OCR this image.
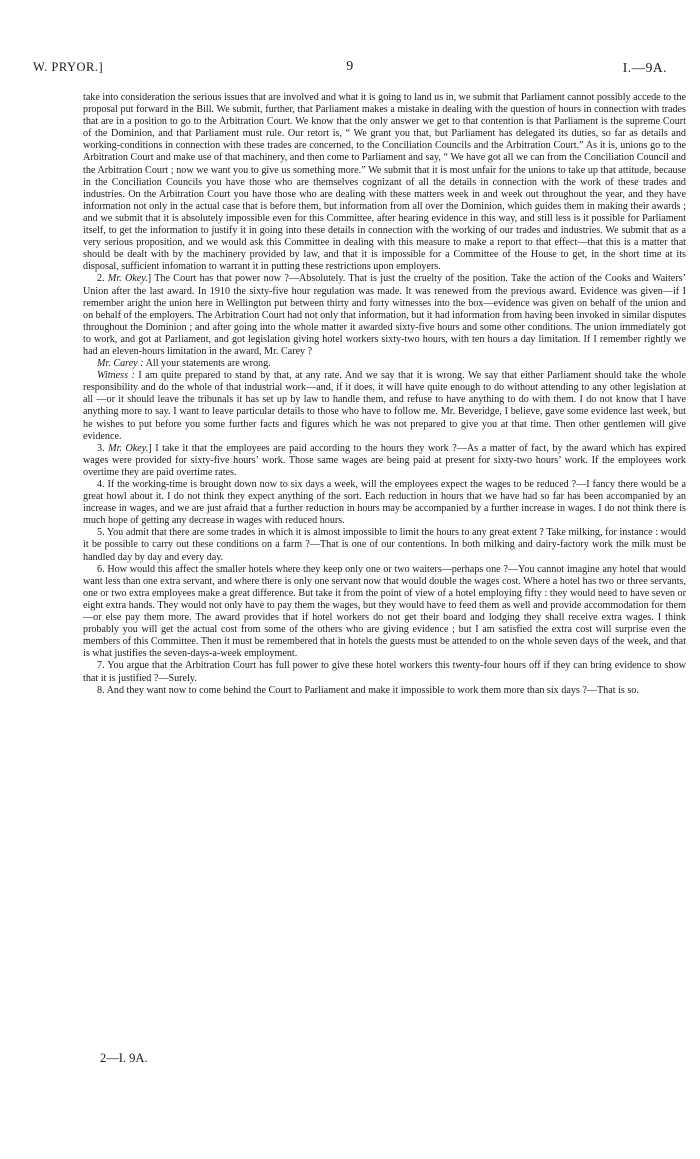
W. PRYOR.]	9	I.—9A.

take into consideration the serious issues that are involved and what it is going to land us in, we submit that Parliament cannot possibly accede to the proposal put forward in the Bill. We submit, further, that Parliament makes a mistake in dealing with the question of hours in connection with trades that are in a position to go to the Arbitration Court. We know that the only answer we get to that contention is that Parliament is the supreme Court of the Dominion, and that Parliament must rule. Our retort is, “ We grant you that, but Parliament has delegated its duties, so far as details and working-conditions in connection with these trades are concerned, to the Conciliation Councils and the Arbitration Court.” As it is, unions go to the Arbitration Court and make use of that machinery, and then come to Parliament and say, “ We have got all we can from the Conciliation Council and the Arbitration Court ; now we want you to give us something more.” We submit that it is most unfair for the unions to take up that attitude, because in the Conciliation Councils you have those who are themselves cognizant of all the details in connection with the work of these trades and industries. On the Arbitration Court you have those who are dealing with these matters week in and week out throughout the year, and they have information not only in the actual case that is before them, but information from all over the Dominion, which guides them in making their awards ; and we submit that it is absolutely impossible even for this Committee, after hearing evidence in this way, and still less is it possible for Parliament itself, to get the information to justify it in going into these details in connection with the working of our trades and industries. We submit that as a very serious proposition, and we would ask this Committee in dealing with this measure to make a report to that effect—that this is a matter that should be dealt with by the machinery provided by law, and that it is impossible for a Committee of the House to get, in the short time at its disposal, sufficient infomation to warrant it in putting these restrictions upon employers.

2. Mr. Okey.] The Court has that power now ?—Absolutely. That is just the cruelty of the position. Take the action of the Cooks and Waiters’ Union after the last award. In 1910 the sixty-five hour regulation was made. It was renewed from the previous award. Evidence was given—if I remember aright the union here in Wellington put between thirty and forty witnesses into the box—evidence was given on behalf of the union and on behalf of the employers. The Arbitration Court had not only that information, but it had information from having been invoked in similar disputes throughout the Dominion ; and after going into the whole matter it awarded sixty-five hours and some other conditions. The union immediately got to work, and got at Parliament, and got legislation giving hotel workers sixty-two hours, with ten hours a day limitation. If I remember rightly we had an eleven-hours limitation in the award, Mr. Carey ?

Mr. Carey : All your statements are wrong.

Witness : I am quite prepared to stand by that, at any rate. And we say that it is wrong. We say that either Parliament should take the whole responsibility and do the whole of that industrial work—and, if it does, it will have quite enough to do without attending to any other legislation at all —or it should leave the tribunals it has set up by law to handle them, and refuse to have anything to do with them. I do not know that I have anything more to say. I want to leave particular details to those who have to follow me. Mr. Beveridge, I believe, gave some evidence last week, but he wishes to put before you some further facts and figures which he was not prepared to give you at that time. Then other gentlemen will give evidence.

3. Mr. Okey.] I take it that the employees are paid according to the hours they work ?—As a matter of fact, by the award which has expired wages were provided for sixty-five hours’ work. Those same wages are being paid at present for sixty-two hours’ work. If the employees work overtime they are paid overtime rates.

4. If the working-time is brought down now to six days a week, will the employees expect the wages to be reduced ?—I fancy there would be a great howl about it. I do not think they expect anything of the sort. Each reduction in hours that we have had so far has been accompanied by an increase in wages, and we are just afraid that a further reduction in hours may be accompanied by a further increase in wages. I do not think there is much hope of getting any decrease in wages with reduced hours.

5. You admit that there are some trades in which it is almost impossible to limit the hours to any great extent ? Take milking, for instance : would it be possible to carry out these conditions on a farm ?—That is one of our contentions. In both milking and dairy-factory work the milk must be handled day by day and every day.

6. How would this affect the smaller hotels where they keep only one or two waiters—perhaps one ?—You cannot imagine any hotel that would want less than one extra servant, and where there is only one servant now that would double the wages cost. Where a hotel has two or three servants, one or two extra employees make a great difference. But take it from the point of view of a hotel employing fifty : they would need to have seven or eight extra hands. They would not only have to pay them the wages, but they would have to feed them as well and provide accommodation for them —or else pay them more. The award provides that if hotel workers do not get their board and lodging they shall receive extra wages. I think probably you will get the actual cost from some of the others who are giving evidence ; but I am satisfied the extra cost will surprise even the members of this Committee. Then it must be remembered that in hotels the guests must be attended to on the whole seven days of the week, and that is what justifies the seven-days-a-week employment.

7. You argue that the Arbitration Court has full power to give these hotel workers this twenty-four hours off if they can bring evidence to show that it is justified ?—Surely.

8. And they want now to come behind the Court to Parliament and make it impossible to work them more than six days ?—That is so.

2—I. 9A.
